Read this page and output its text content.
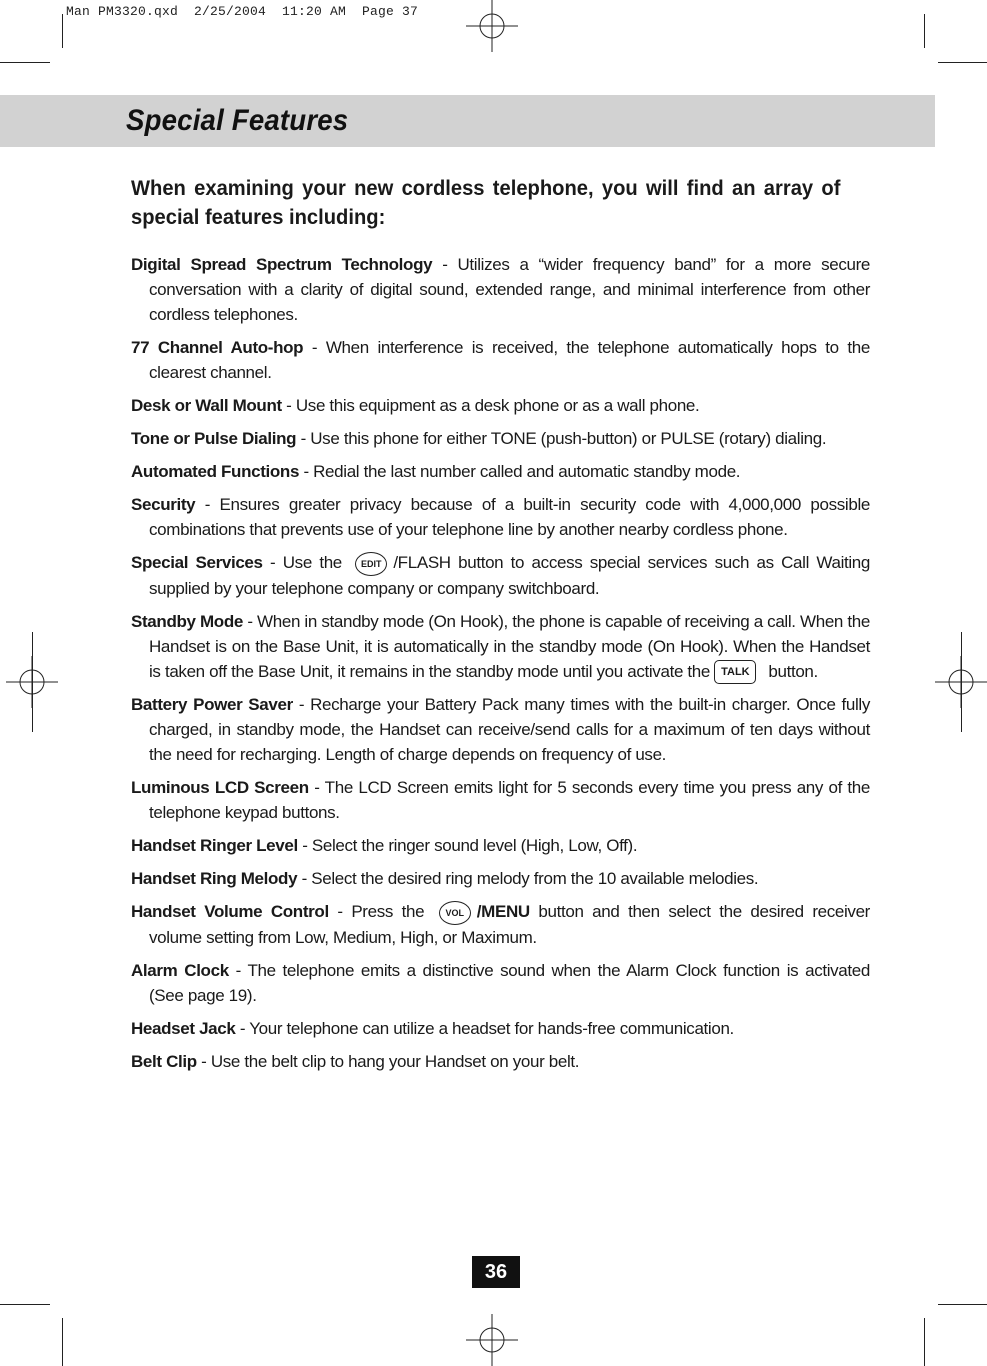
Man PM3320.qxd  2/25/2004  11:20 AM  Page 37
Special Features
When examining your new cordless telephone, you will find an array of special features including:
Digital Spread Spectrum Technology - Utilizes a “wider frequency band” for a more secure conversation with a clarity of digital sound, extended range, and minimal interference from other cordless telephones.
77 Channel Auto-hop - When interference is received, the telephone automatically hops to the clearest channel.
Desk or Wall Mount - Use this equipment as a desk phone or as a wall phone.
Tone or Pulse Dialing - Use this phone for either TONE (push-button) or PULSE (rotary) dialing.
Automated Functions - Redial the last number called and automatic standby mode.
Security - Ensures greater privacy because of a built-in security code with 4,000,000 possible combinations that prevents use of your telephone line by another nearby cordless phone.
Special Services - Use the EDIT /FLASH button to access special services such as Call Waiting supplied by your telephone company or company switchboard.
Standby Mode - When in standby mode (On Hook), the phone is capable of receiving a call. When the Handset is on the Base Unit, it is automatically in the standby mode (On Hook). When the Handset is taken off the Base Unit, it remains in the standby mode until you activate the TALK button.
Battery Power Saver - Recharge your Battery Pack many times with the built-in charger. Once fully charged, in standby mode, the Handset can receive/send calls for a maximum of ten days without the need for recharging. Length of charge depends on frequency of use.
Luminous LCD Screen - The LCD Screen emits light for 5 seconds every time you press any of the telephone keypad buttons.
Handset Ringer Level - Select the ringer sound level (High, Low, Off).
Handset Ring Melody - Select the desired ring melody from the 10 available melodies.
Handset Volume Control - Press the VOL /MENU button and then select the desired receiver volume setting from Low, Medium, High, or Maximum.
Alarm Clock - The telephone emits a distinctive sound when the Alarm Clock function is activated (See page 19).
Headset Jack - Your telephone can utilize a headset for hands-free communication.
Belt Clip - Use the belt clip to hang your Handset on your belt.
36
